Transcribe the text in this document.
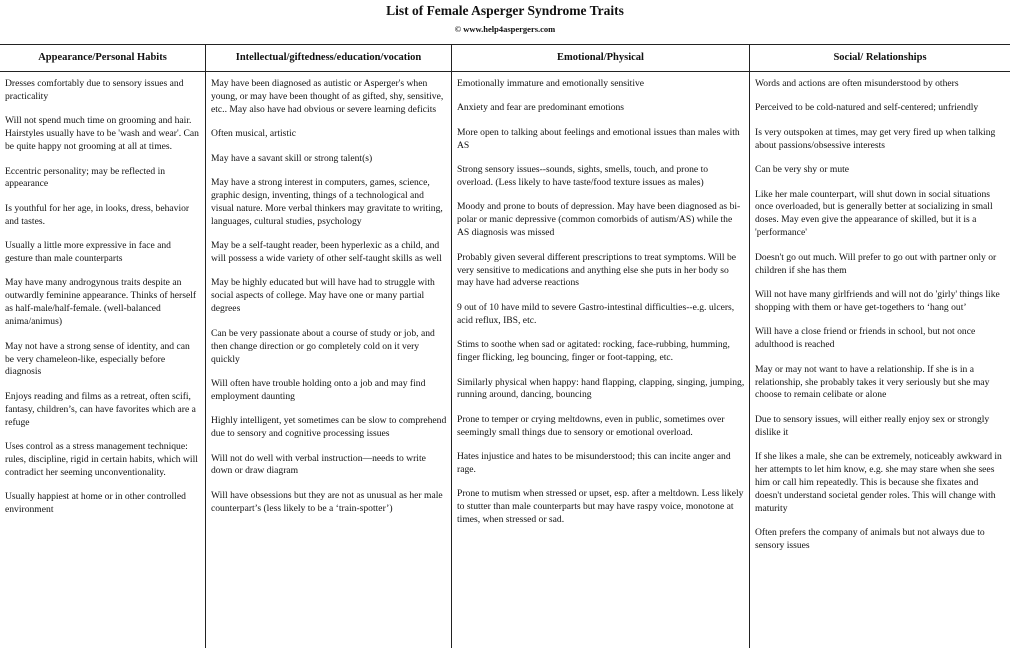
List of Female Asperger Syndrome Traits
© www.help4aspergers.com
Appearance/Personal Habits
Dresses comfortably due to sensory issues and practicality
Will not spend much time on grooming and hair. Hairstyles usually have to be 'wash and wear'. Can be quite happy not grooming at all at times.
Eccentric personality; may be reflected in appearance
Is youthful for her age, in looks, dress, behavior and tastes.
Usually a little more expressive in face and gesture than male counterparts
May have many androgynous traits despite an outwardly feminine appearance. Thinks of herself as half-male/half-female. (well-balanced anima/animus)
May not have a strong sense of identity, and can be very chameleon-like, especially before diagnosis
Enjoys reading and films as a retreat, often scifi, fantasy, children’s, can have favorites which are a refuge
Uses control as a stress management technique: rules, discipline, rigid in certain habits, which will contradict her seeming unconventionality.
Usually happiest at home or in other controlled environment
Intellectual/giftedness/education/vocation
May have been diagnosed as autistic or Asperger's when young, or may have been thought of as gifted, shy, sensitive, etc.. May also have had obvious or severe learning deficits
Often musical, artistic
May have a savant skill or strong talent(s)
May have a strong interest in computers, games, science, graphic design, inventing, things of a technological and visual nature. More verbal thinkers may gravitate to writing, languages, cultural studies, psychology
May be a self-taught reader, been hyperlexic as a child, and will possess a wide variety of other self-taught skills as well
May be highly educated but will have had to struggle with social aspects of college. May have one or many partial degrees
Can be very passionate about a course of study or job, and then change direction or go completely cold on it very quickly
Will often have trouble holding onto a job and may find employment daunting
Highly intelligent, yet sometimes can be slow to comprehend due to sensory and cognitive processing issues
Will not do well with verbal instruction—needs to write down or draw diagram
Will have obsessions but they are not as unusual as her male counterpart’s (less likely to be a ‘train-spotter’)
Emotional/Physical
Emotionally immature and emotionally sensitive
Anxiety and fear are predominant emotions
More open to talking about feelings and emotional issues than males with AS
Strong sensory issues--sounds, sights, smells, touch, and prone to overload. (Less likely to have taste/food texture issues as males)
Moody and prone to bouts of depression. May have been diagnosed as bi-polar or manic depressive (common comorbids of autism/AS) while the AS diagnosis was missed
Probably given several different prescriptions to treat symptoms. Will be very sensitive to medications and anything else she puts in her body so may have had adverse reactions
9 out of 10 have mild to severe Gastro-intestinal difficulties--e.g. ulcers, acid reflux, IBS, etc.
Stims to soothe when sad or agitated: rocking, face-rubbing, humming, finger flicking, leg bouncing, finger or foot-tapping, etc.
Similarly physical when happy: hand flapping, clapping, singing, jumping, running around, dancing, bouncing
Prone to temper or crying meltdowns, even in public, sometimes over seemingly small things due to sensory or emotional overload.
Hates injustice and hates to be misunderstood; this can incite anger and rage.
Prone to mutism when stressed or upset, esp. after a meltdown. Less likely to stutter than male counterparts but may have raspy voice, monotone at times, when stressed or sad.
Social/ Relationships
Words and actions are often misunderstood by others
Perceived to be cold-natured and self-centered; unfriendly
Is very outspoken at times, may get very fired up when talking about passions/obsessive interests
Can be very shy or mute
Like her male counterpart, will shut down in social situations once overloaded, but is generally better at socializing in small doses. May even give the appearance of skilled, but it is a 'performance'
Doesn't go out much. Will prefer to go out with partner only or children if she has them
Will not have many girlfriends and will not do 'girly' things like shopping with them or have get-togethers to ‘hang out’
Will have a close friend or friends in school, but not once adulthood is reached
May or may not want to have a relationship. If she is in a relationship, she probably takes it very seriously but she may choose to remain celibate or alone
Due to sensory issues, will either really enjoy sex or strongly dislike it
If she likes a male, she can be extremely, noticeably awkward in her attempts to let him know, e.g. she may stare when she sees him or call him repeatedly. This is because she fixates and doesn't understand societal gender roles. This will change with maturity
Often prefers the company of animals but not always due to sensory issues
